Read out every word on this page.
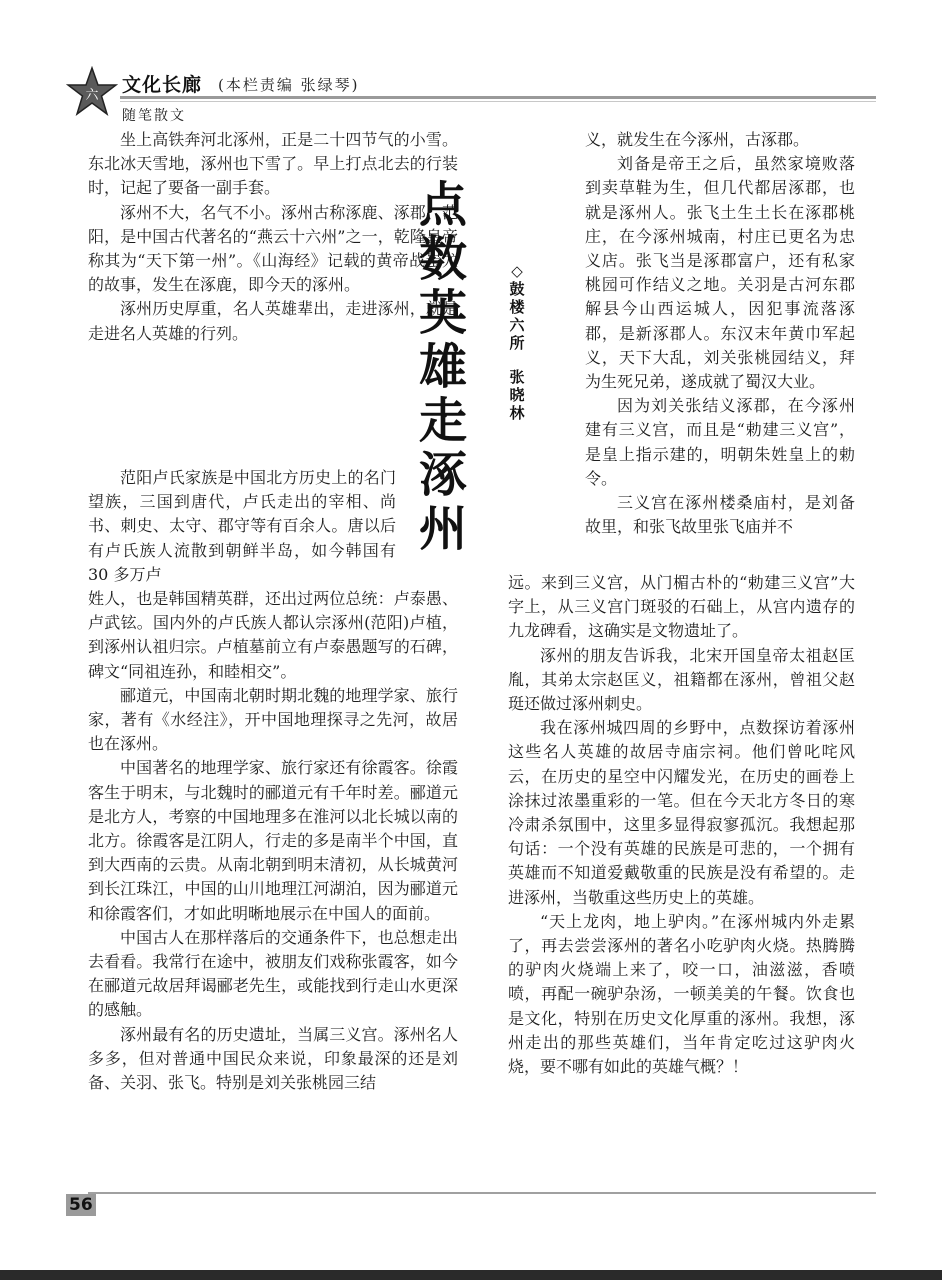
六 文化长廊 (本栏责编 张绿琴)
随笔散文

坐上高铁奔河北涿州，正是二十四节气的小雪。东北冰天雪地，涿州也下雪了。早上打点北去的行装时，记起了要备一副手套。

涿州不大，名气不小。涿州古称涿鹿、涿郡、范阳，是中国古代著名的“燕云十六州”之一，乾隆皇帝称其为“天下第一州”。《山海经》记载的黄帝战蚩尤的故事，发生在涿鹿，即今天的涿州。

涿州历史厚重，名人英雄辈出，走进涿州，就是走进名人英雄的行列。

范阳卢氏家族是中国北方历史上的名门望族，三国到唐代，卢氏走出的宰相、尚书、刺史、太守、郡守等有百余人。唐以后有卢氏族人流散到朝鲜半岛，如今韩国有 30 多万卢

姓人，也是韩国精英群，还出过两位总统：卢泰愚、卢武铉。国内外的卢氏族人都认宗涿州(范阳)卢植，到涿州认祖归宗。卢植墓前立有卢泰愚题写的石碑，碑文“同祖连孙，和睦相交”。

郦道元，中国南北朝时期北魏的地理学家、旅行家，著有《水经注》，开中国地理探寻之先河，故居也在涿州。

中国著名的地理学家、旅行家还有徐霞客。徐霞客生于明末，与北魏时的郦道元有千年时差。郦道元是北方人，考察的中国地理多在淮河以北长城以南的北方。徐霞客是江阴人，行走的多是南半个中国，直到大西南的云贵。从南北朝到明末清初，从长城黄河到长江珠江，中国的山川地理江河湖泊，因为郦道元和徐霞客们，才如此明晰地展示在中国人的面前。

中国古人在那样落后的交通条件下，也总想走出去看看。我常行在途中，被朋友们戏称张霞客，如今在郦道元故居拜谒郦老先生，或能找到行走山水更深的感触。

涿州最有名的历史遗址，当属三义宫。涿州名人多多，但对普通中国民众来说，印象最深的还是刘备、关羽、张飞。特别是刘关张桃园三结

点
数
英
雄
走
涿
州
◇
鼓
楼
六
所
张
晓
林

义，就发生在今涿州，古涿郡。

刘备是帝王之后，虽然家境败落到卖草鞋为生，但几代都居涿郡，也就是涿州人。张飞土生土长在涿郡桃庄，在今涿州城南，村庄已更名为忠义店。张飞当是涿郡富户，还有私家桃园可作结义之地。关羽是古河东郡解县今山西运城人，因犯事流落涿郡，是新涿郡人。东汉末年黄巾军起义，天下大乱，刘关张桃园结义，拜为生死兄弟，遂成就了蜀汉大业。

因为刘关张结义涿郡，在今涿州建有三义宫，而且是“勅建三义宫”，是皇上指示建的，明朝朱姓皇上的勅令。

三义宫在涿州楼桑庙村，是刘备故里，和张飞故里张飞庙并不

远。来到三义宫，从门楣古朴的“勅建三义宫”大字上，从三义宫门斑驳的石础上，从宫内遗存的九龙碑看，这确实是文物遗址了。

涿州的朋友告诉我，北宋开国皇帝太祖赵匡胤，其弟太宗赵匡义，祖籍都在涿州，曾祖父赵珽还做过涿州刺史。

我在涿州城四周的乡野中，点数探访着涿州这些名人英雄的故居寺庙宗祠。他们曾叱咤风云，在历史的星空中闪耀发光，在历史的画卷上涂抹过浓墨重彩的一笔。但在今天北方冬日的寒冷肃杀氛围中，这里多显得寂寥孤沉。我想起那句话：一个没有英雄的民族是可悲的，一个拥有英雄而不知道爱戴敬重的民族是没有希望的。走进涿州，当敬重这些历史上的英雄。

“天上龙肉，地上驴肉。”在涿州城内外走累了，再去尝尝涿州的著名小吃驴肉火烧。热腾腾的驴肉火烧端上来了，咬一口，油滋滋，香喷喷，再配一碗驴杂汤，一顿美美的午餐。饮食也是文化，特别在历史文化厚重的涿州。我想，涿州走出的那些英雄们，当年肯定吃过这驴肉火烧，要不哪有如此的英雄气概？！

56
